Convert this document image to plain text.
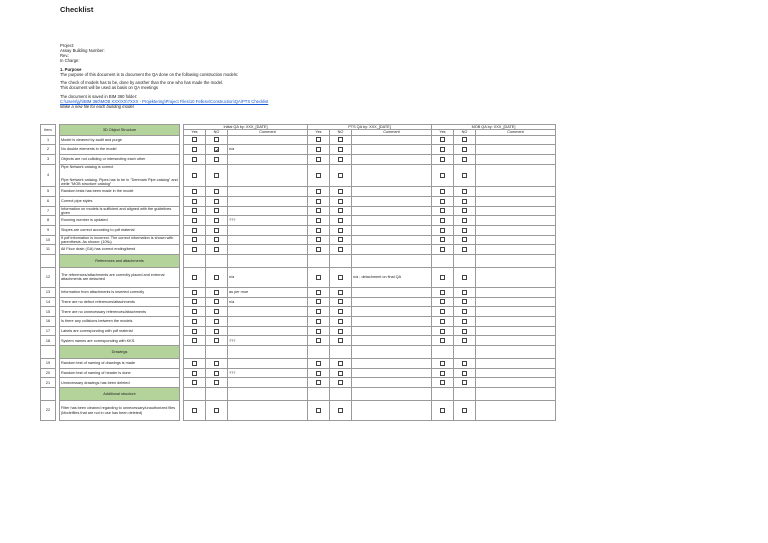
Checklist
Project:
Assay Building Number:
Rev.:
In Charge:
1. Purpose
The purpose of this document is to document the QA done on the following construction models:
The check of models has to be, done by another than the one who has made the model.
This document will be used as basis on QA meetings
The document is saved in BIM 360 folder:
C:\Users\jyh\BIM 360\MOB XXX\XX\7XXX - Projektering\Project Files\10 Fellesv\Construction\QA\PTS Checklist
Make a new file for each building model.
Item		3D Object Structure		Initial QA by: XXX_[DATE]			PTS QA by: XXX_[DATE]			MOB QA by: XXX_[DATE]		
				Yes	NO	Comment	Yes	NO	Comment	Yes	NO	Comment
1		Model is cleaned by audit and purge										
2		No double elements in the model				n/a						
3		Objects are not colliding or intersecting each other										
4		Pipe Network catalog is correct

Pipe Network catalog. Pipes has to be in "Denmark Pipe catalog" and welle "MOB structure catalog"										
5		Random tests has been made in the model										
6		Correct pipe styles										
7		Information on models is sufficient and aligned with the guidelines given										
8		Running number is updated				???						
9		Slopes are correct according to pdf material										
10		If pdf information is incorrect. The correct information is shown with parenthesis. As shown: (10‰)										
11		All Floor drain (GA) has correct ending/bend										
		References and attachments										
12		The references/attachments are correctly placed and external attachments are detached				n/a			n/a ; detachment on final QA			
13		Information from attachments is inserted correctly				as per rnoe						
14		There are no defect references/attachments				n/a						
15		There are no unnecessary references/attachments										
16		Is there any collisions between the models										
17		Labels are corresponding with pdf material										
18		System names are corresponding with KKS.				???						
		Drawings										
19		Random test of naming of drawings is made										
20		Random test of naming of header is done				???						
21		Unnecessary drawings has been deleted										
		Additional structure										
22		Filter has been cleaned regarding to unnecessary/unauthorized files (Modelfiles that are not in use has been deleted)										
